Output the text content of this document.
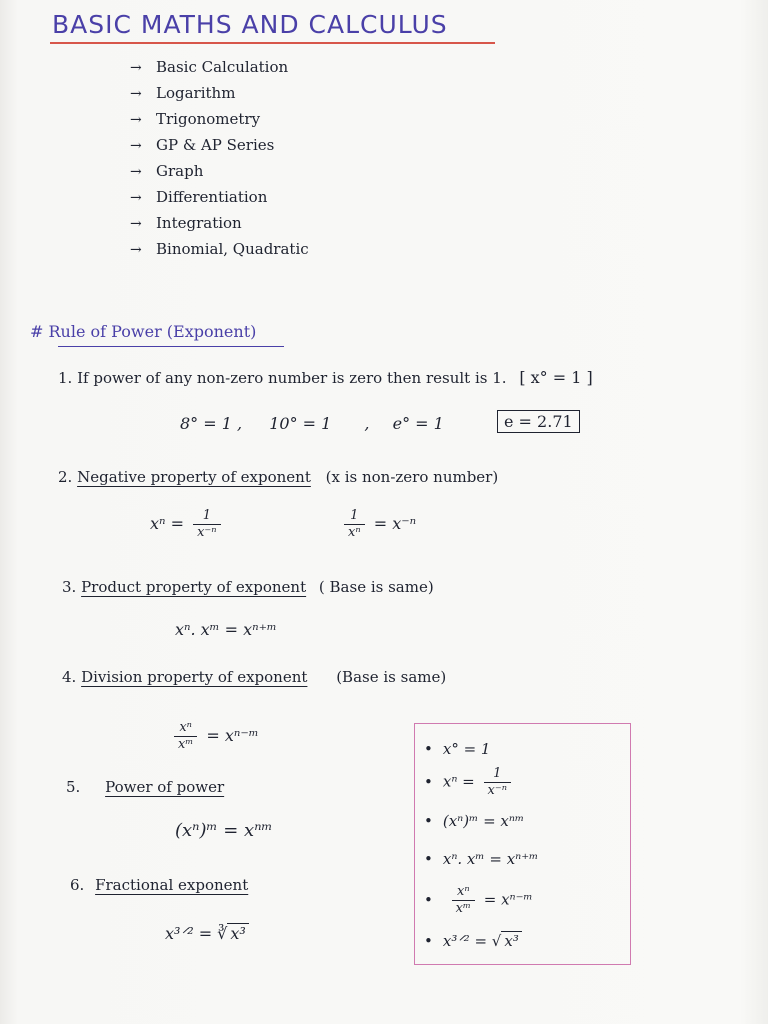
BASIC MATHS AND CALCULUS
→ Basic Calculation
→ Logarithm
→ Trigonometry
→ GP & AP Series
→ Graph
→ Differentiation
→ Integration
→ Binomial, Quadratic
# Rule of Power (Exponent)
1. If power of any non-zero number is zero then result is 1. [ x° = 1 ]
8° = 1 , 10° = 1 , e° = 1	e = 2.71
2. Negative property of exponent (x is non-zero number)
$x^n = \frac{1}{\text{x⁻ⁿ}}$	$\frac{1}{\text{xⁿ}} = x^{-n}$
3. Product property of exponent ( Base is same)
xⁿ. xᵐ = xⁿ⁺ᵐ
4. Division property of exponent (Base is same)
$\frac{\text{xⁿ}}{\text{xᵐ}}$ = xⁿ⁻ᵐ
5. Power of power
(xⁿ)ᵐ = xⁿᵐ
6. Fractional exponent
x³ᐟ² = ∛ x³
• x° = 1
• $x^n = \frac{1}{\text{x⁻ⁿ}}$
• (xⁿ)ᵐ = xⁿᵐ
• xⁿ. xᵐ = xⁿ⁺ᵐ
• $\frac{\text{xⁿ}}{\text{xᵐ}}$ = xⁿ⁻ᵐ
• x³ᐟ² = √ x³
